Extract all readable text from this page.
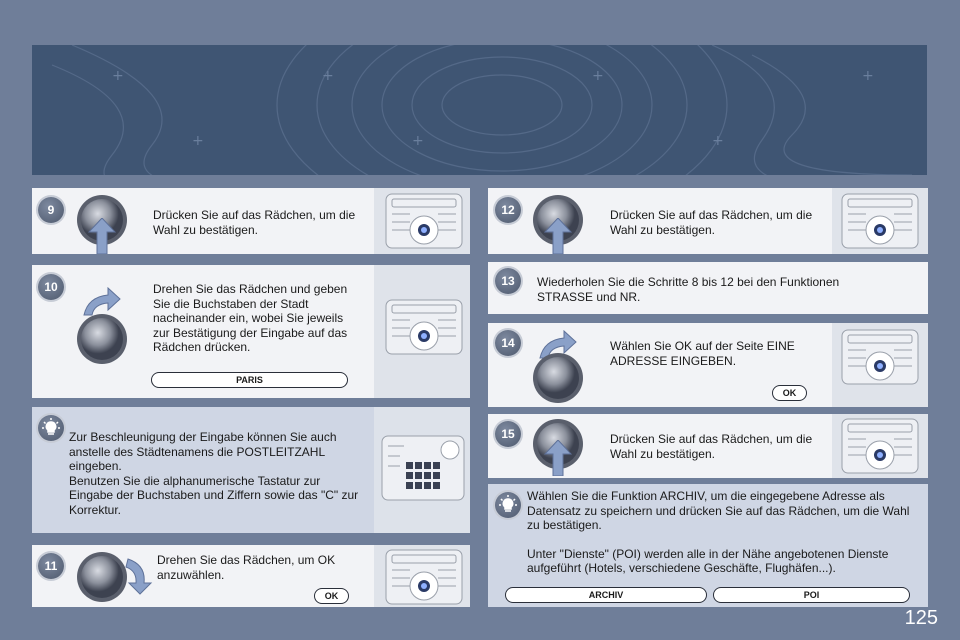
+	+	+	+
+	+	+
9	Drücken Sie auf das Rädchen, um die Wahl zu bestätigen.
10	Drehen Sie das Rädchen und geben Sie die Buchstaben der Stadt nacheinander ein, wobei Sie jeweils zur Bestätigung der Eingabe auf das Rädchen drücken.
PARIS

Zur Beschleunigung der Eingabe können Sie auch anstelle des Städtenamens die POSTLEITZAHL eingeben.

Benutzen Sie die alphanumerische Tastatur zur Eingabe der Buchstaben und Ziffern sowie das "C" zur Korrektur.

11	Drehen Sie das Rädchen, um OK anzuwählen.
OK
12	Drücken Sie auf das Rädchen, um die Wahl zu bestätigen.
13	Wiederholen Sie die Schritte 8 bis 12 bei den Funktionen STRASSE und NR.
14	Wählen Sie OK auf der Seite EINE ADRESSE EINGEBEN.
OK
15	Drücken Sie auf das Rädchen, um die Wahl zu bestätigen.

Wählen Sie die Funktion ARCHIV, um die eingegebene Adresse als Datensatz zu speichern und drücken Sie auf das Rädchen, um die Wahl zu bestätigen.

Unter "Dienste" (POI) werden alle in der Nähe angebotenen Dienste aufgeführt (Hotels, verschiedene Geschäfte, Flughäfen...).

ARCHIV	POI
125
